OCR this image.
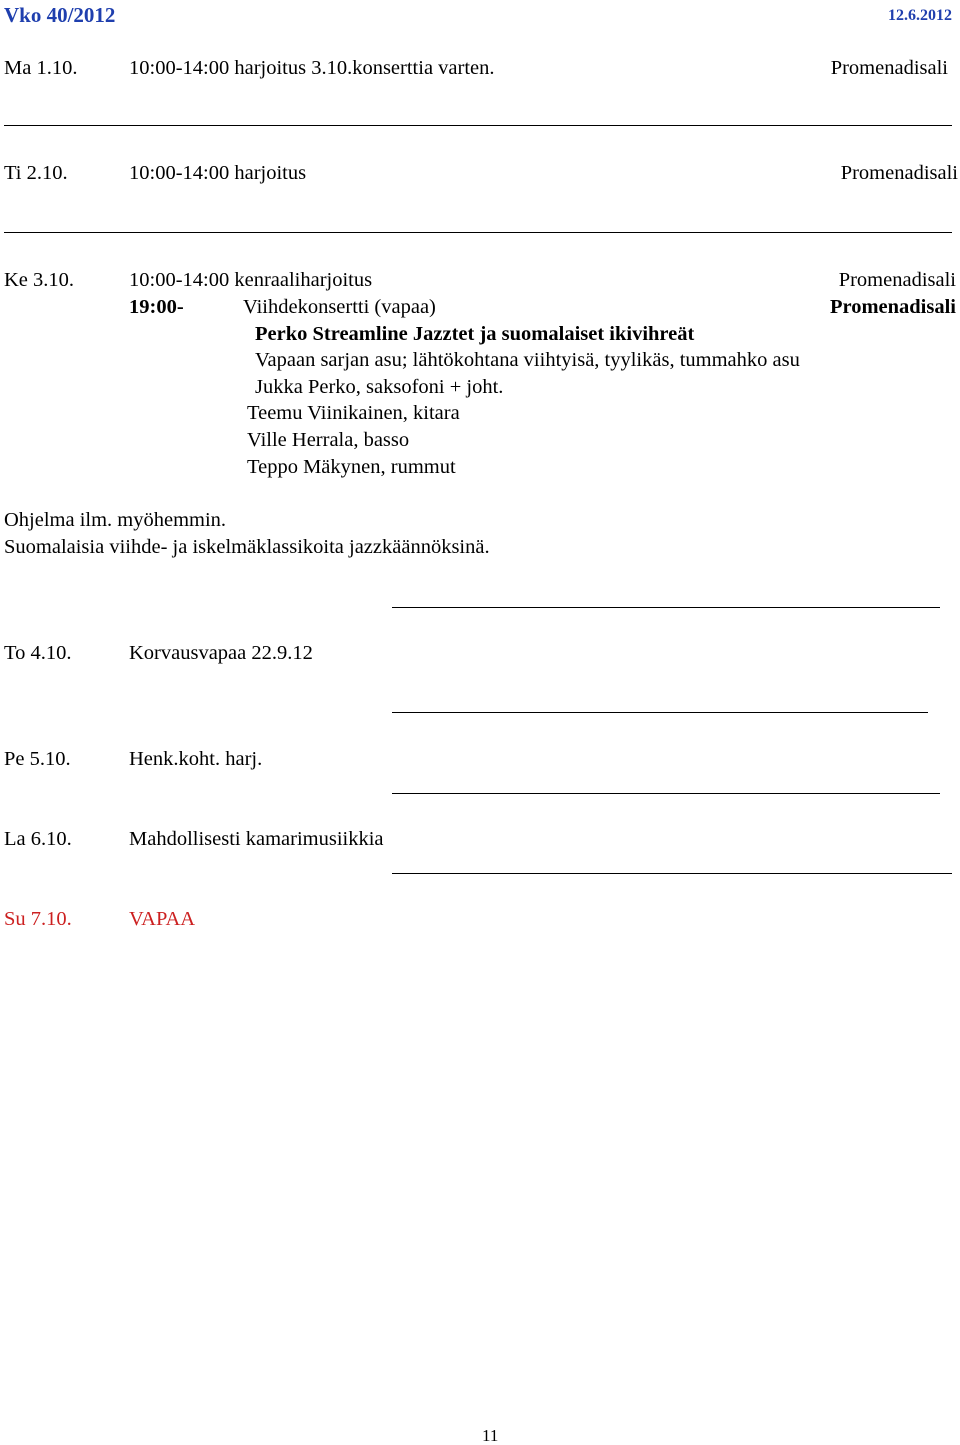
Vko 40/2012	12.6.2012
Ma 1.10.	10:00-14:00 harjoitus 3.10.konserttia varten.	Promenadisali
Ti 2.10.	10:00-14:00 harjoitus	Promenadisali
Ke 3.10.	10:00-14:00 kenraaliharjoitus	Promenadisali
19:00-	Viihdekonsertti (vapaa)	Promenadisali
Perko Streamline Jazztet ja suomalaiset ikivihreät
Vapaan sarjan asu; lähtökohtana viihtyisä, tyylikäs, tummahko asu
Jukka Perko, saksofoni + joht.
Teemu Viinikainen, kitara
Ville Herrala, basso
Teppo Mäkynen, rummut
Ohjelma ilm. myöhemmin.
Suomalaisia viihde- ja iskelmäklassikoita jazzkäännöksinä.
To 4.10.	Korvausvapaa 22.9.12
Pe 5.10.	Henk.koht. harj.
La 6.10.	Mahdollisesti kamarimusiikkia
Su 7.10.	VAPAA
11
